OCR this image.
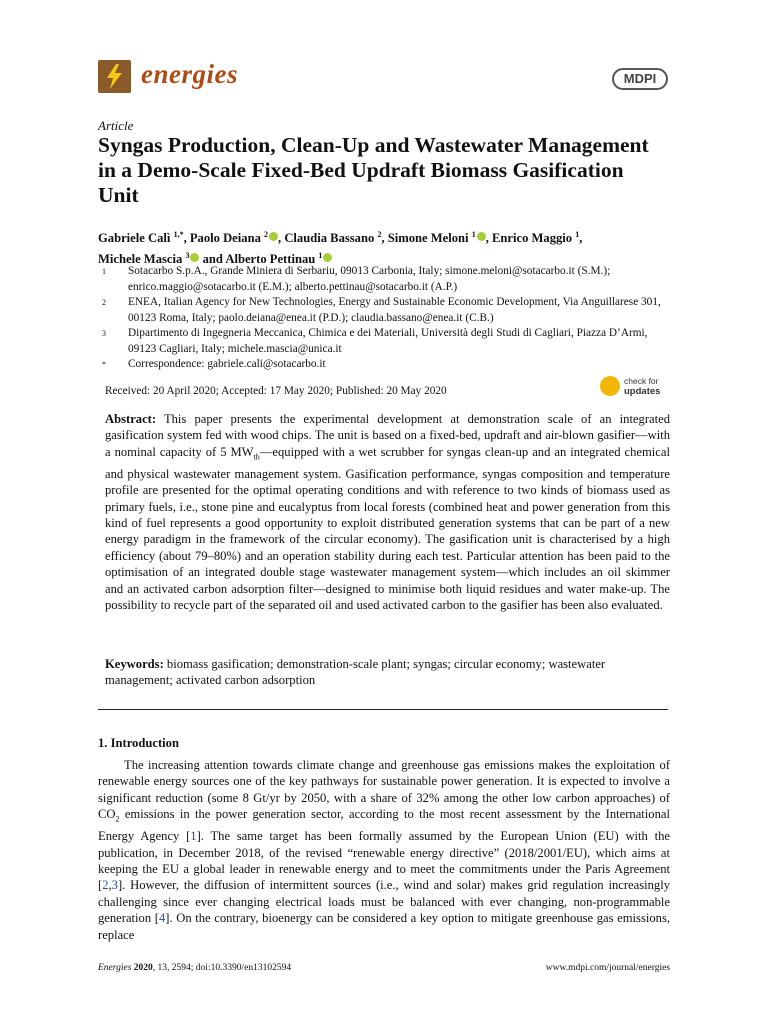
energies	MDPI
Article
Syngas Production, Clean-Up and Wastewater Management in a Demo-Scale Fixed-Bed Updraft Biomass Gasification Unit
Gabriele Calì $^{1,*}$, Paolo Deiana $^2$ , Claudia Bassano $^2$, Simone Meloni $^1$ , Enrico Maggio $^1$,
Michele Mascia $^3$ and Alberto Pettinau $^1$
1	Sotacarbo S.p.A., Grande Miniera di Serbariu, 09013 Carbonia, Italy; simone.meloni@sotacarbo.it (S.M.); enrico.maggio@sotacarbo.it (E.M.); alberto.pettinau@sotacarbo.it (A.P.)
2	ENEA, Italian Agency for New Technologies, Energy and Sustainable Economic Development, Via Anguillarese 301, 00123 Roma, Italy; paolo.deiana@enea.it (P.D.); claudia.bassano@enea.it (C.B.)
3	Dipartimento di Ingegneria Meccanica, Chimica e dei Materiali, Università degli Studi di Cagliari, Piazza D’Armi, 09123 Cagliari, Italy; michele.mascia@unica.it
*	Correspondence: gabriele.cali@sotacarbo.it
Received: 20 April 2020; Accepted: 17 May 2020; Published: 20 May 2020
check for
updates

Abstract: This paper presents the experimental development at demonstration scale of an integrated gasification system fed with wood chips. The unit is based on a fixed-bed, updraft and air-blown gasifier—with a nominal capacity of 5 $MW_{th}—equipped$ with a wet scrubber for syngas clean-up and an integrated chemical and physical wastewater management system. Gasification performance, syngas composition and temperature profile are presented for the optimal operating conditions and with reference to two kinds of biomass used as primary fuels, i.e., stone pine and eucalyptus from local forests (combined heat and power generation from this kind of fuel represents a good opportunity to exploit distributed generation systems that can be part of a new energy paradigm in the framework of the circular economy). The gasification unit is characterised by a high efficiency (about 79–80%) and an operation stability during each test. Particular attention has been paid to the optimisation of an integrated double stage wastewater management system—which includes an oil skimmer and an activated carbon adsorption filter—designed to minimise both liquid residues and water make-up. The possibility to recycle part of the separated oil and used activated carbon to the gasifier has been also evaluated.

Keywords: biomass gasification; demonstration-scale plant; syngas; circular economy; wastewater management; activated carbon adsorption

1. Introduction

The increasing attention towards climate change and greenhouse gas emissions makes the exploitation of renewable energy sources one of the key pathways for sustainable power generation. It is expected to involve a significant reduction (some 8 Gt/yr by 2050, with a share of 32% among the other low carbon approaches) of $CO_2$ emissions in the power generation sector, according to the most recent assessment by the International Energy Agency [1]. The same target has been formally assumed by the European Union (EU) with the publication, in December 2018, of the revised “renewable energy directive” (2018/2001/EU), which aims at keeping the EU a global leader in renewable energy and to meet the commitments under the Paris Agreement [2,3]. However, the diffusion of intermittent sources (i.e., wind and solar) makes grid regulation increasingly challenging since ever changing electrical loads must be balanced with ever changing, non-programmable generation [4]. On the contrary, bioenergy can be considered a key option to mitigate greenhouse gas emissions, replace

Energies 2020, 13, 2594; doi:10.3390/en13102594	www.mdpi.com/journal/energies
